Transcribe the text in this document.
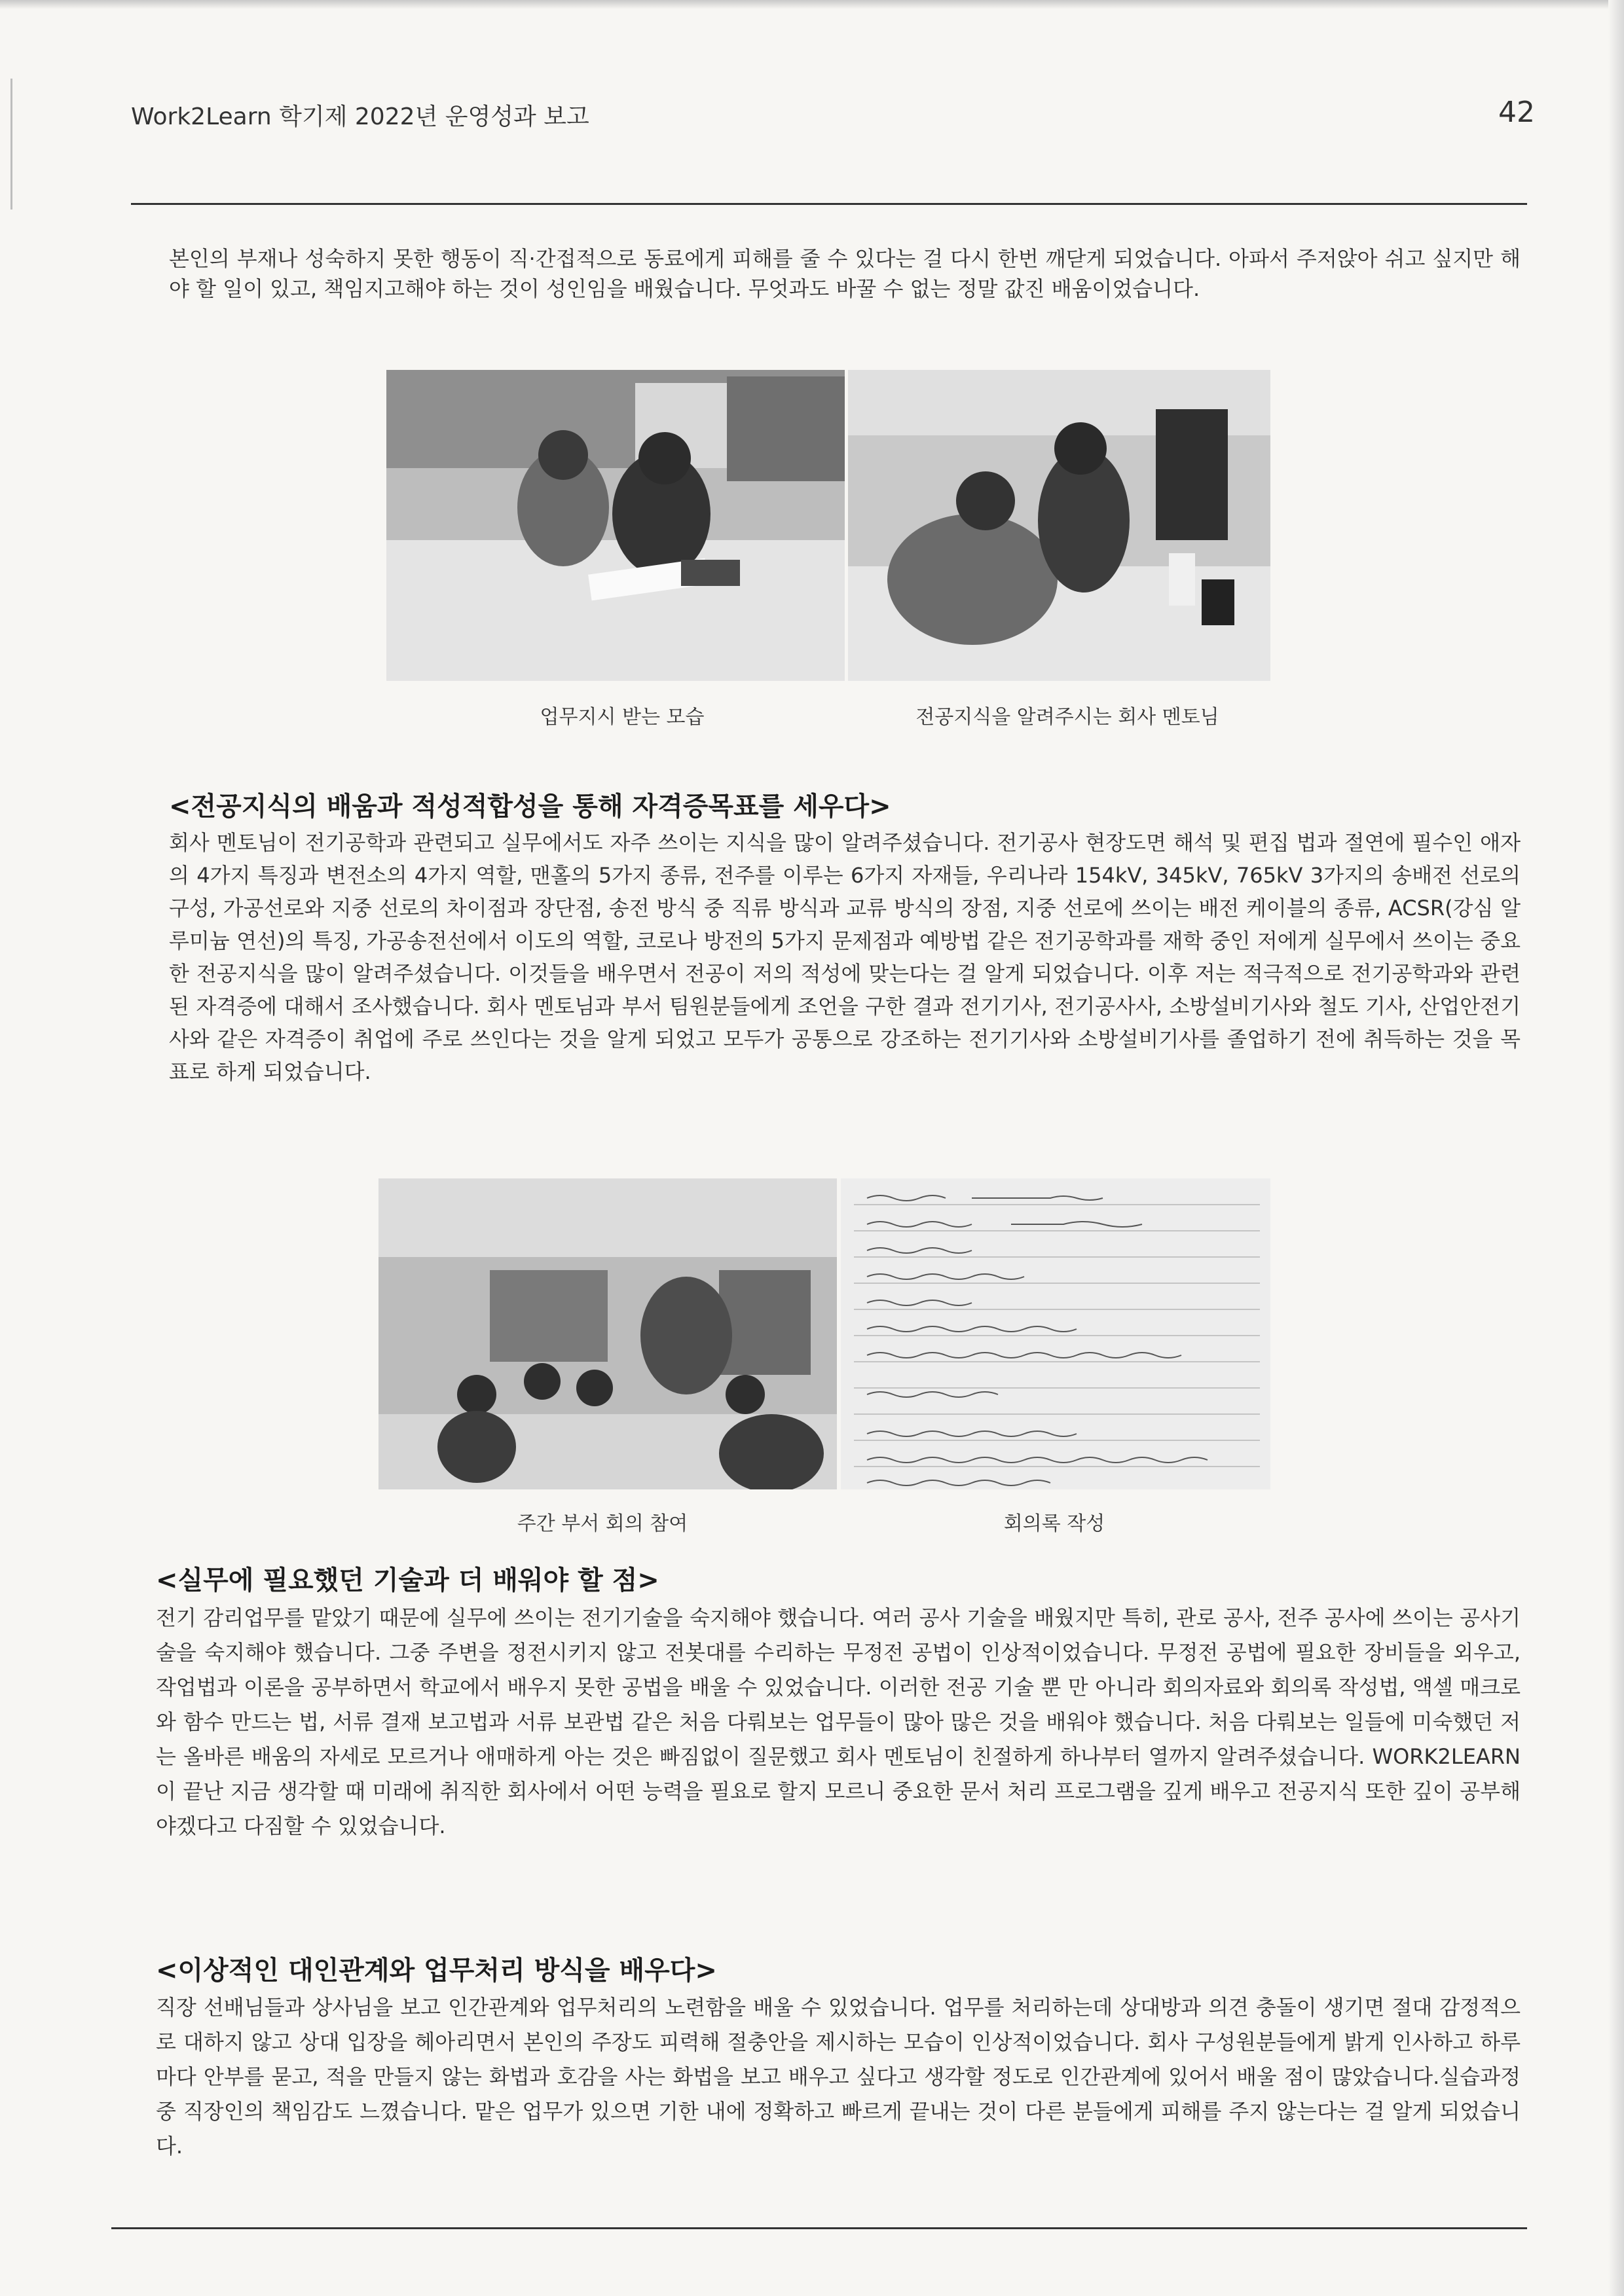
Work2Learn 학기제 2022년 운영성과 보고	42

본인의 부재나 성숙하지 못한 행동이 직·간접적으로 동료에게 피해를 줄 수 있다는 걸 다시 한번 깨닫게 되었습니다. 아파서 주저앉아 쉬고 싶지만 해야 할 일이 있고, 책임지고해야 하는 것이 성인임을 배웠습니다. 무엇과도 바꿀 수 없는 정말 값진 배움이었습니다.

업무지시 받는 모습	전공지식을 알려주시는 회사 멘토님
<전공지식의 배움과 적성적합성을 통해 자격증목표를 세우다>

회사 멘토님이 전기공학과 관련되고 실무에서도 자주 쓰이는 지식을 많이 알려주셨습니다. 전기공사 현장도면 해석 및 편집 법과 절연에 필수인 애자의 4가지 특징과 변전소의 4가지 역할, 맨홀의 5가지 종류, 전주를 이루는 6가지 자재들, 우리나라 154kV, 345kV, 765kV 3가지의 송배전 선로의 구성, 가공선로와 지중 선로의 차이점과 장단점, 송전 방식 중 직류 방식과 교류 방식의 장점, 지중 선로에 쓰이는 배전 케이블의 종류, ACSR(강심 알루미늄 연선)의 특징, 가공송전선에서 이도의 역할, 코로나 방전의 5가지 문제점과 예방법 같은 전기공학과를 재학 중인 저에게 실무에서 쓰이는 중요한 전공지식을 많이 알려주셨습니다. 이것들을 배우면서 전공이 저의 적성에 맞는다는 걸 알게 되었습니다. 이후 저는 적극적으로 전기공학과와 관련된 자격증에 대해서 조사했습니다. 회사 멘토님과 부서 팀원분들에게 조언을 구한 결과 전기기사, 전기공사사, 소방설비기사와 철도 기사, 산업안전기사와 같은 자격증이 취업에 주로 쓰인다는 것을 알게 되었고 모두가 공통으로 강조하는 전기기사와 소방설비기사를 졸업하기 전에 취득하는 것을 목표로 하게 되었습니다.

주간 부서 회의 참여	회의록 작성
<실무에 필요했던 기술과 더 배워야 할 점>

전기 감리업무를 맡았기 때문에 실무에 쓰이는 전기기술을 숙지해야 했습니다. 여러 공사 기술을 배웠지만 특히, 관로 공사, 전주 공사에 쓰이는 공사기술을 숙지해야 했습니다. 그중 주변을 정전시키지 않고 전봇대를 수리하는 무정전 공법이 인상적이었습니다. 무정전 공법에 필요한 장비들을 외우고, 작업법과 이론을 공부하면서 학교에서 배우지 못한 공법을 배울 수 있었습니다. 이러한 전공 기술 뿐 만 아니라 회의자료와 회의록 작성법, 액셀 매크로와 함수 만드는 법, 서류 결재 보고법과 서류 보관법 같은 처음 다뤄보는 업무들이 많아 많은 것을 배워야 했습니다. 처음 다뤄보는 일들에 미숙했던 저는 올바른 배움의 자세로 모르거나 애매하게 아는 것은 빠짐없이 질문했고 회사 멘토님이 친절하게 하나부터 열까지 알려주셨습니다. WORK2LEARN이 끝난 지금 생각할 때 미래에 취직한 회사에서 어떤 능력을 필요로 할지 모르니 중요한 문서 처리 프로그램을 깊게 배우고 전공지식 또한 깊이 공부해야겠다고 다짐할 수 있었습니다.

<이상적인 대인관계와 업무처리 방식을 배우다>

직장 선배님들과 상사님을 보고 인간관계와 업무처리의 노련함을 배울 수 있었습니다. 업무를 처리하는데 상대방과 의견 충돌이 생기면 절대 감정적으로 대하지 않고 상대 입장을 헤아리면서 본인의 주장도 피력해 절충안을 제시하는 모습이 인상적이었습니다. 회사 구성원분들에게 밝게 인사하고 하루마다 안부를 묻고, 적을 만들지 않는 화법과 호감을 사는 화법을 보고 배우고 싶다고 생각할 정도로 인간관계에 있어서 배울 점이 많았습니다.실습과정 중 직장인의 책임감도 느꼈습니다. 맡은 업무가 있으면 기한 내에 정확하고 빠르게 끝내는 것이 다른 분들에게 피해를 주지 않는다는 걸 알게 되었습니다.
